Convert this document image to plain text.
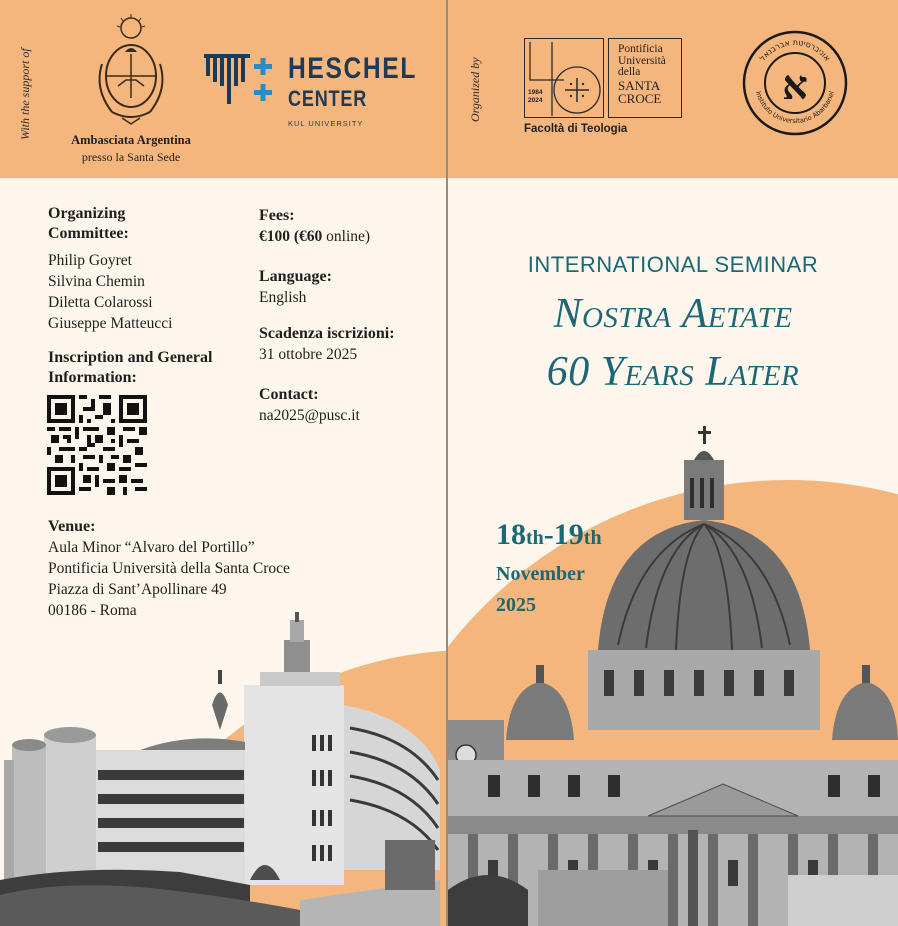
With the support of	Ambasciata Argentina
presso la Santa Sede
HESCHEL
CENTER
KUL UNIVERSITY

Organizing Committee:

Philip Goyret

Silvina Chemin

Diletta Colarossi

Giuseppe Matteucci

Inscription and General Information:

Venue:

Aula Minor “Alvaro del Portillo”

Pontificia Università della Santa Croce

Piazza di Sant’Apollinare 49

00186 - Roma

Fees:

€100 (€60 online)

Language:

English

Scadenza iscrizioni:

31 ottobre 2025

Contact:

na2025@pusc.it

Organized by	1984
2024
Pontificia
Università
della
SANTA
CROCE
Facoltà di Teologia
אוניברסיטת אברבנאל
Instituto Universitario Abarbanel
א
INTERNATIONAL SEMINAR
Nostra Aetate
60 Years Later
18th-19th
November
2025
